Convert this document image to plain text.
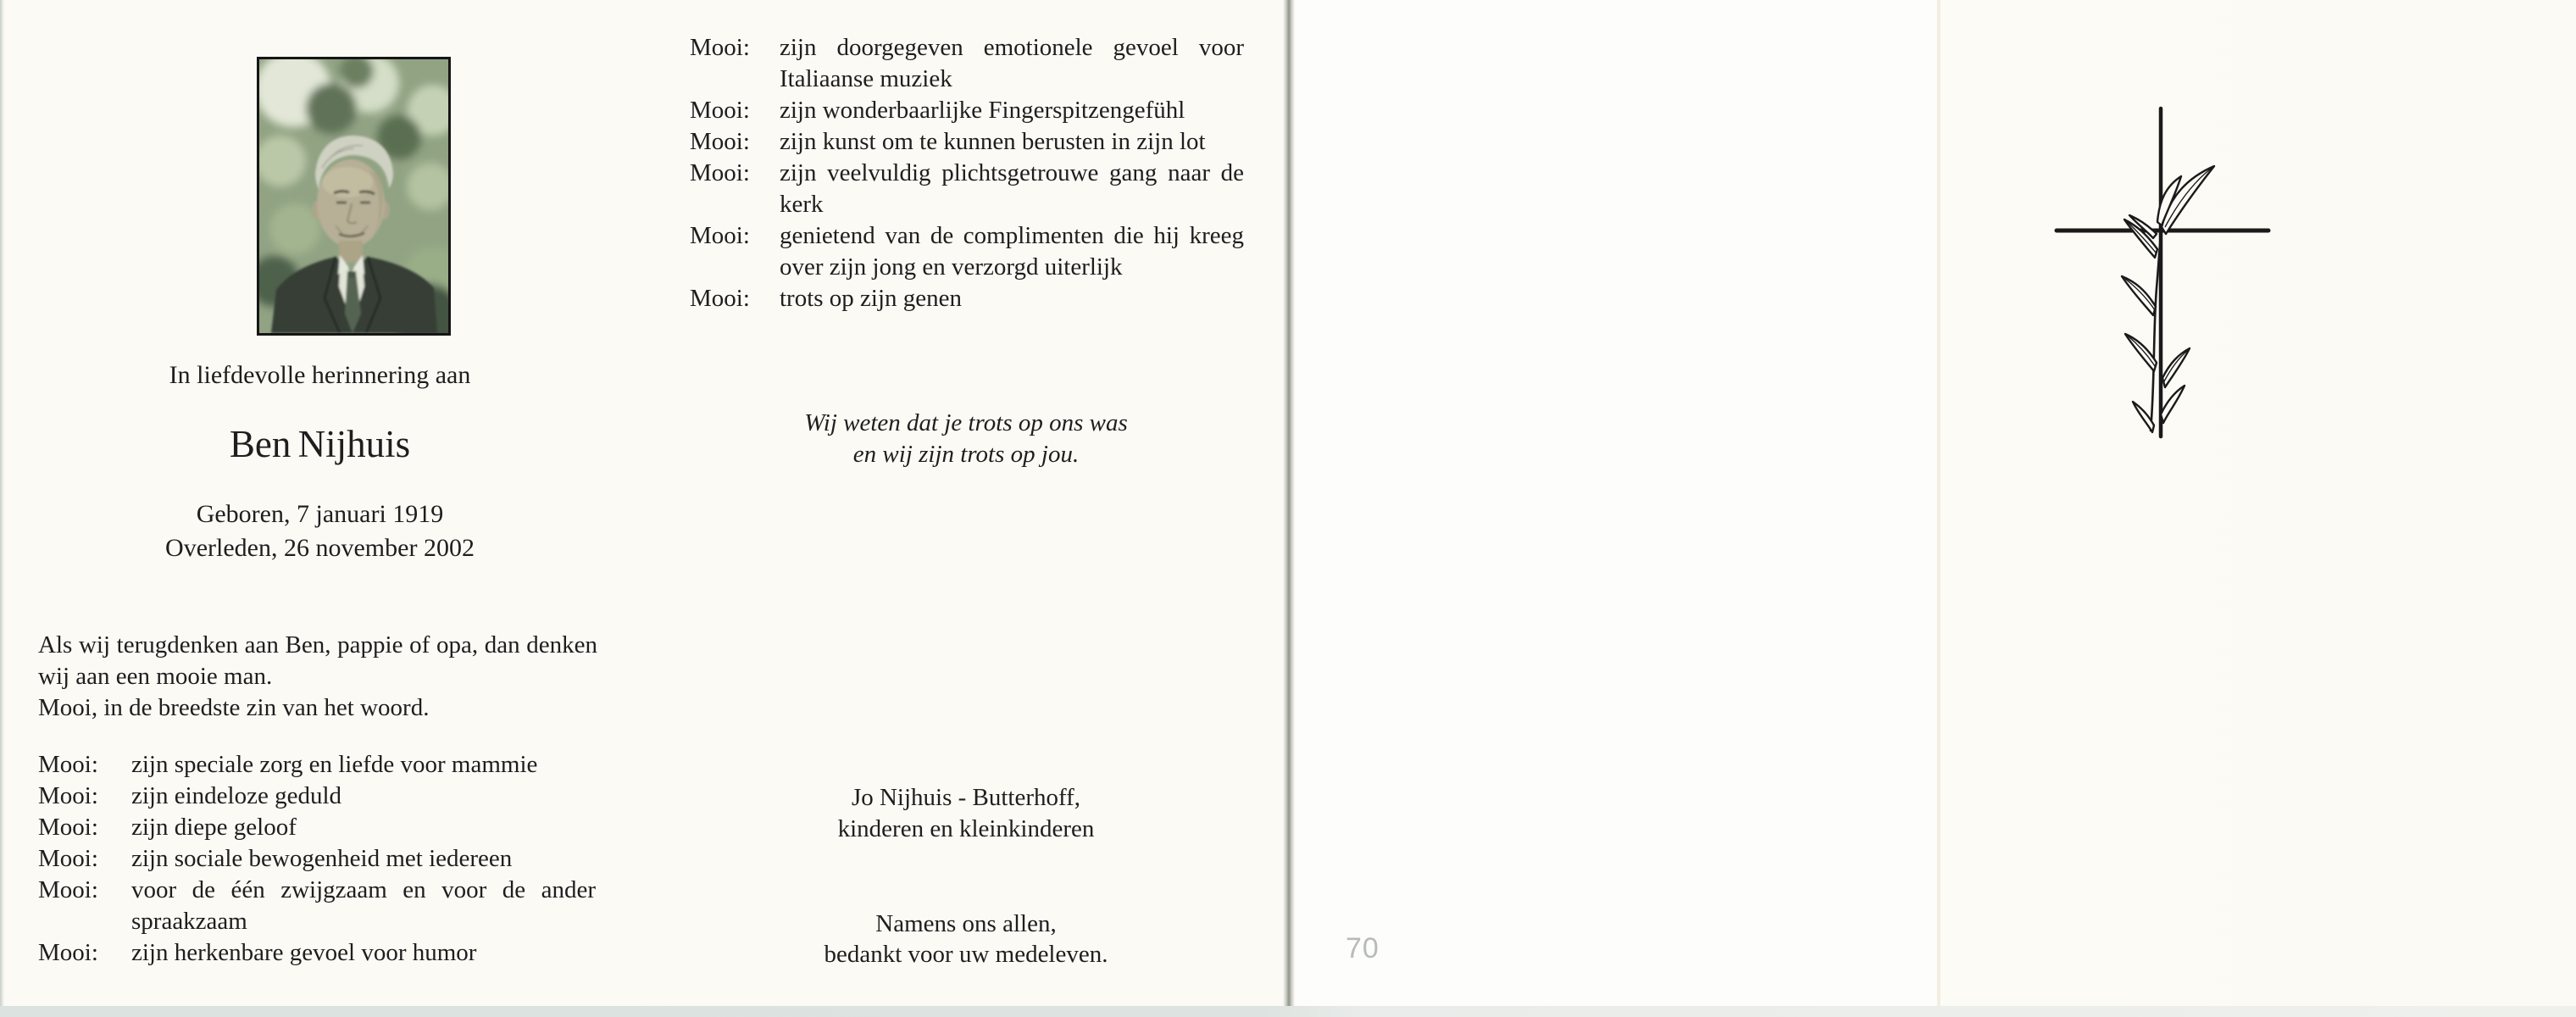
In liefdevolle herinnering aan
Ben Nijhuis
Geboren, 7 januari 1919
Overleden, 26 november 2002

Als wij terugdenken aan Ben, pappie of opa, dan denken wij aan een mooie man.

Mooi, in de breedste zin van het woord.

Mooi: zijn speciale zorg en liefde voor mammie
Mooi: zijn eindeloze geduld
Mooi: zijn diepe geloof
Mooi: zijn sociale bewogenheid met iedereen
Mooi: voor de één zwijgzaam en voor de ander spraakzaam
Mooi: zijn herkenbare gevoel voor humor
Mooi: zijn doorgegeven emotionele gevoel voor Italiaanse muziek
Mooi: zijn wonderbaarlijke Fingerspitzengefühl
Mooi: zijn kunst om te kunnen berusten in zijn lot
Mooi: zijn veelvuldig plichtsgetrouwe gang naar de kerk
Mooi: genietend van de complimenten die hij kreeg over zijn jong en verzorgd uiterlijk
Mooi: trots op zijn genen
Wij weten dat je trots op ons was
en wij zijn trots op jou.
Jo Nijhuis - Butterhoff,
kinderen en kleinkinderen
Namens ons allen,
bedankt voor uw medeleven.	70
